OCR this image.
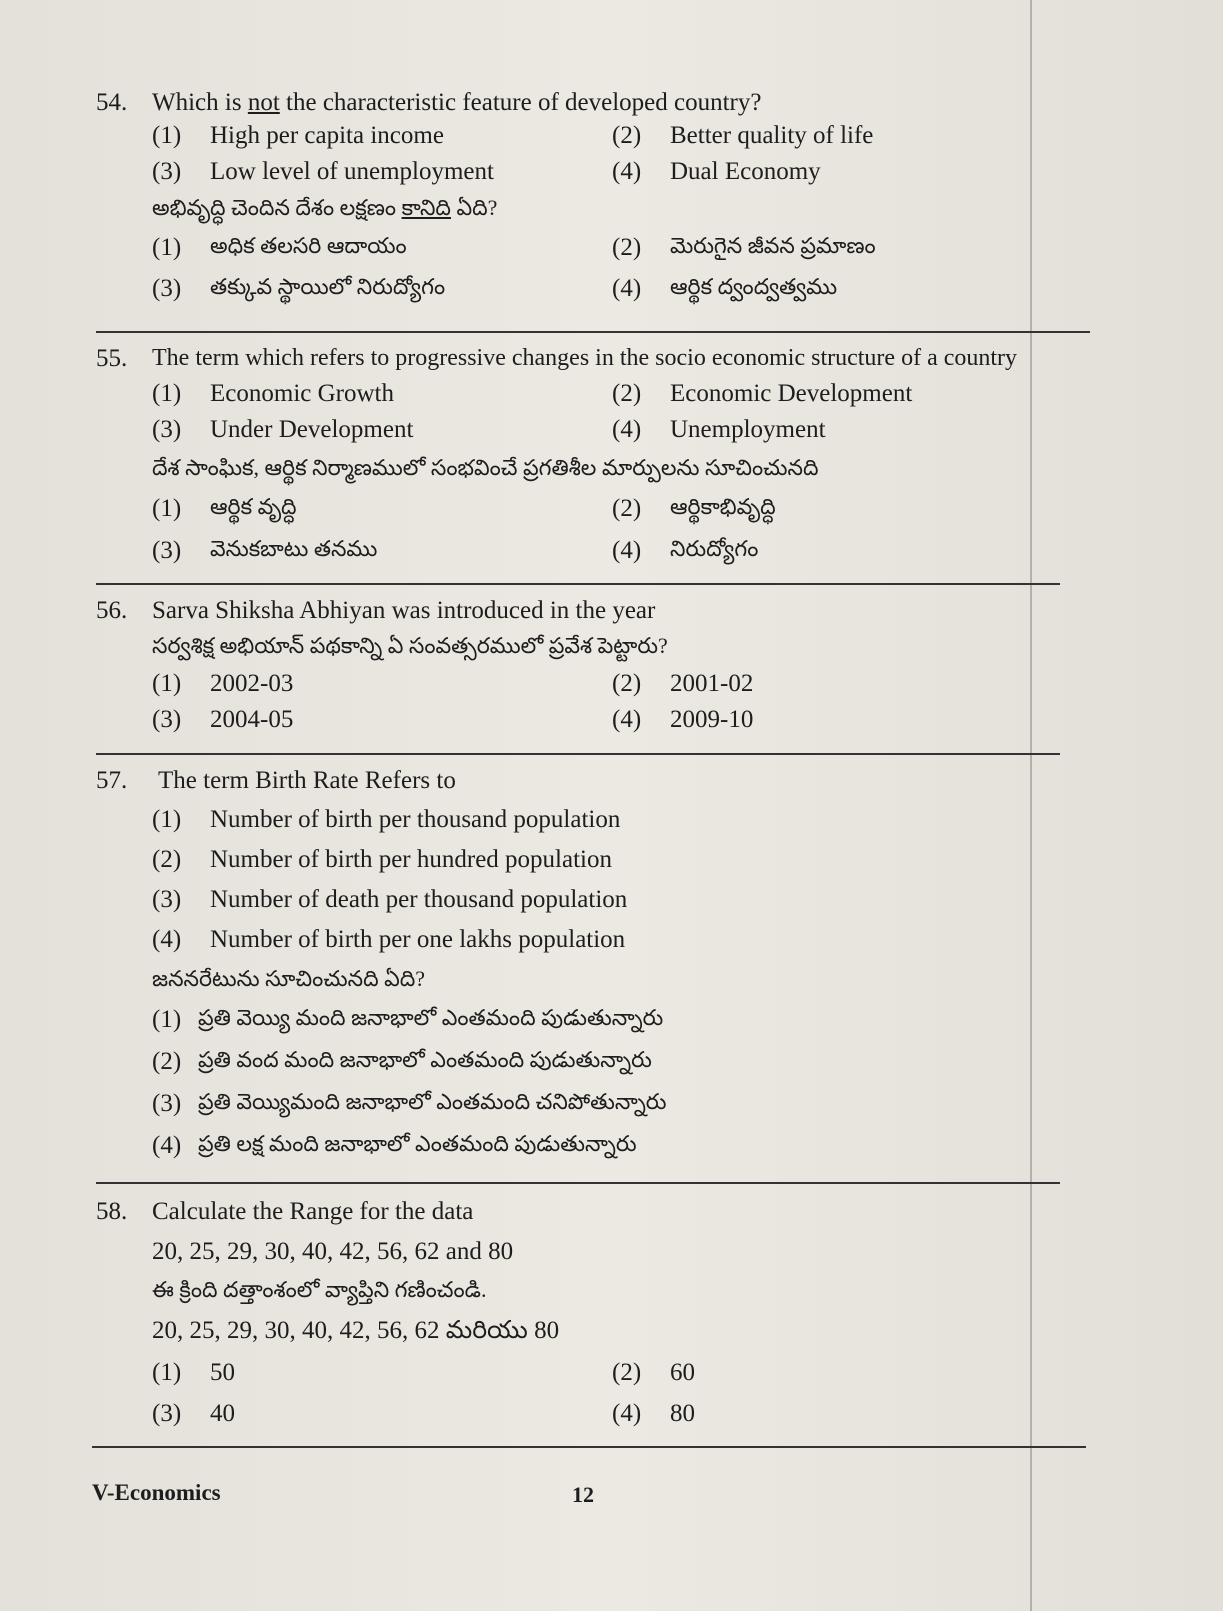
54. Which is not the characteristic feature of developed country?
(1)	High per capita income	(2)	Better quality of life
(3)	Low level of unemployment	(4)	Dual Economy
అభివృద్ధి చెందిన దేశం లక్షణం కానిది ఏది?
(1)	అధిక తలసరి ఆదాయం	(2)	మెరుగైన జీవన ప్రమాణం
(3)	తక్కువ స్థాయిలో నిరుద్యోగం	(4)	ఆర్థిక ద్వంద్వత్వము
55.	The term which refers to progressive changes in the socio economic structure of a country
(1)	Economic Growth	(2)	Economic Development
(3)	Under Development	(4)	Unemployment
దేశ సాంఘిక, ఆర్థిక నిర్మాణములో సంభవించే ప్రగతిశీల మార్పులను సూచించునది
(1)	ఆర్థిక వృద్ధి	(2)	ఆర్థికాభివృద్ధి
(3)	వెనుకబాటు తనము	(4)	నిరుద్యోగం
56. Sarva Shiksha Abhiyan was introduced in the year
సర్వశిక్ష అభియాన్ పథకాన్ని ఏ సంవత్సరములో ప్రవేశ పెట్టారు?
(1)	2002-03	(2)	2001-02
(3)	2004-05	(4)	2009-10
57.	The term Birth Rate Refers to
(1)	Number of birth per thousand population
(2)	Number of birth per hundred population
(3)	Number of death per thousand population
(4)	Number of birth per one lakhs population
జననరేటును సూచించునది ఏది?
(1) ప్రతి వెయ్యి మంది జనాభాలో ఎంతమంది పుడుతున్నారు
(2) ప్రతి వంద మంది జనాభాలో ఎంతమంది పుడుతున్నారు
(3) ప్రతి వెయ్యిమంది జనాభాలో ఎంతమంది చనిపోతున్నారు
(4) ప్రతి లక్ష మంది జనాభాలో ఎంతమంది పుడుతున్నారు
58. Calculate the Range for the data
20, 25, 29, 30, 40, 42, 56, 62 and 80
ఈ క్రింది దత్తాంశంలో వ్యాప్తిని గణించండి.
20, 25, 29, 30, 40, 42, 56, 62 మరియు 80
(1)	50	(2)	60
(3)	40	(4)	80
V-Economics	12
